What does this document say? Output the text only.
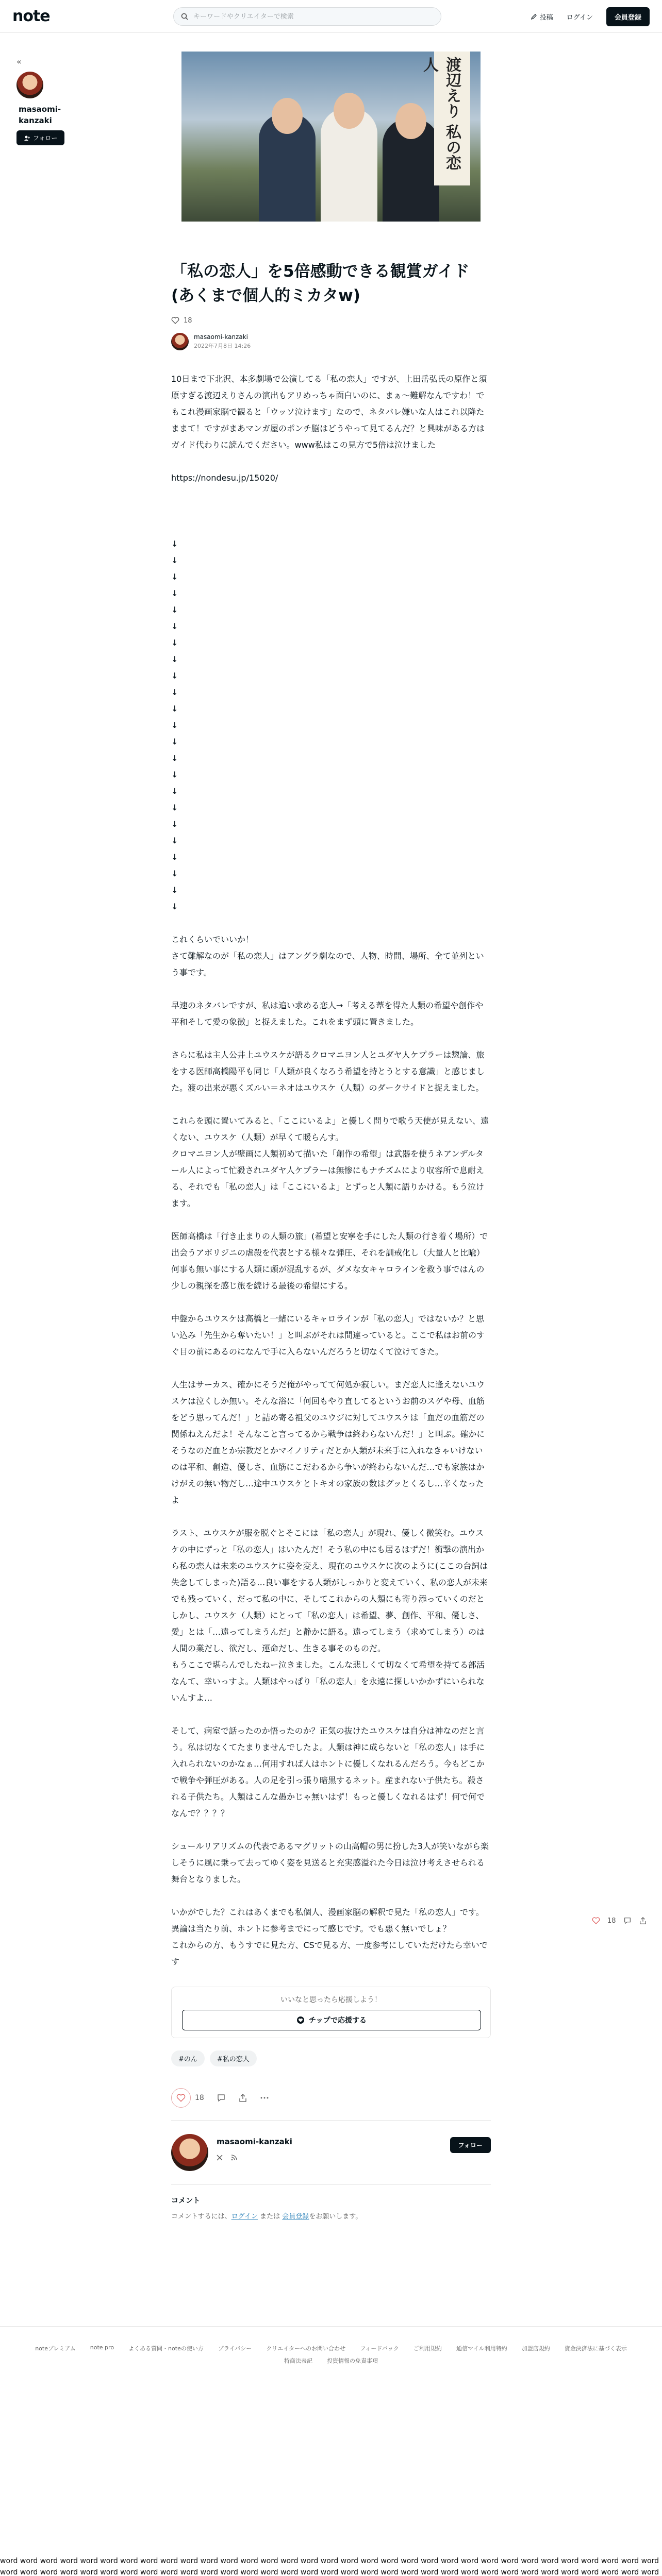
note
キーワードやクリエイターで検索	投稿 ログイン	会員登録
«
masaomi-kanzaki
フォロー	渡辺えり 私の恋人
「私の恋人」を5倍感動できる観賞ガイド(あくまで個人的ミカタw)
18
masaomi-kanzaki
2022年7月8日 14:26

10日まで下北沢、本多劇場で公演してる「私の恋人」ですが、上田岳弘氏の原作と須原すぎる渡辺えりさんの演出もアリめっちゃ面白いのに、まぁ〜難解なんですわ！でもこれ漫画家脳で観ると「ウッソ泣けます」なので、ネタバレ嫌いな人はこれ以降たままて！ですがまあマンガ屋のポンチ脳はどうやって見てるんだ？と興味がある方はガイド代わりに読んでください。www私はこの見方で5倍は泣けました

https://nondesu.jp/15020/

↓

↓

↓

↓

↓

↓

↓

↓

↓

↓

↓

↓

↓

↓

↓

↓

↓

↓

↓

↓

↓

↓

↓

これくらいでいいか！
さて難解なのが「私の恋人」はアングラ劇なので、人物、時間、場所、全て並列という事です。

早速のネタバレですが、私は追い求める恋人→「考える葦を得た人類の希望や創作や平和そして愛の象徴」と捉えました。これをまず頭に置きました。

さらに私は主人公井上ユウスケが語るクロマニヨン人とユダヤ人ケプラーは惣論、旅をする医師高橋陽平も同じ「人類が良くなろう希望を持とうとする意識」と感じました。渡の出来が悪くズルい＝ネオはユウスケ（人類）のダークサイドと捉えました。

これらを頭に置いてみると、「ここにいるよ」と優しく問りで歌う天使が見えない、遠くない、ユウスケ（人類）が早くて暖らんす。
クロマニヨン人が壁画に人類初めて描いた「創作の希望」は武器を使うネアンデルタール人によって忙殺されユダヤ人ケプラーは無惨にもナチズムにより収容所で息耐える、それでも「私の恋人」は「ここにいるよ」とずっと人類に語りかける。もう泣けます。

医師高橋は「行き止まりの人類の旅」(希望と安寧を手にした人類の行き着く場所）で出会うアボリジニの虐殺を代表とする様々な弾圧、それを訓戒化し（大量人と比喩）何事も無い事にする人類に頭が混乱するが、ダメな女キャロラインを救う事ではんの少しの親探を感じ旅を続ける最後の希望にする。

中盤からユウスケは高橋と一緒にいるキャロラインが「私の恋人」ではないか？と思い込み「先生から奪いたい！」と叫ぶがそれは間違っていると。ここで私はお前のすぐ目の前にあるのになんで手に入らないんだろうと切なくて泣けてきた。

人生はサーカス、確かにそうだ俺がやってて何処か寂しい。まだ恋人に逢えないユウスケは泣くしか無い。そんな浴に「何回もやり直してるというお前のスゲや母、血筋をどう思ってんだ！」と詰め寄る祖父のユウジに対してユウスケは「血だの血筋だの関係ねえんだよ！そんなこと言ってるから戦争は終わらないんだ！」と叫ぶ。確かにそうなのだ血とか宗教だとかマイノリティだとか人類が未来手に入れなきゃいけないのは平和、創造、優しさ、血筋にこだわるから争いが終わらないんだ…でも家族はかけがえの無い物だし…途中ユウスケとトキオの家族の数はグッとくるし…辛くなったよ

ラスト、ユウスケが服を脱ぐとそこには「私の恋人」が現れ、優しく微笑む。ユウスケの中にずっと「私の恋人」はいたんだ！そう私の中にも居るはずだ！衝撃の演出から私の恋人は未来のユウスケに姿を変え、現在のユウスケに次のように(ここの台詞は失念してしまった)語る…良い事をする人類がしっかりと変えていく、私の恋人が未来でも残っていく、だって私の中に、そしてこれからの人類にも寄り添っていくのだと
しかし、ユウスケ（人類）にとって「私の恋人」は希望、夢、創作、平和、優しさ、愛」とは「…遠ってしまうんだ」と静かに語る。遠ってしまう（求めてしまう）のは人間の業だし、欲だし、運命だし、生きる事そのものだ。
もうここで堪らんでしたねー泣きました。こんな悲しくて切なくて希望を持てる部活なんて、幸いっすよ。人類はやっぱり「私の恋人」を永遠に探しいかかずにいられないんすよ…

そして、病室で話ったのか悟ったのか？正気の抜けたユウスケは自分は神なのだと言う。私は切なくてたまりませんでしたよ。人類は神に成らないと「私の恋人」は手に入れられないのかなぁ…何用すれば人はホントに優しくなれるんだろう。今もどこかで戦争や弾圧がある。人の足を引っ張り暗黒するネット。産まれない子供たち。殺される子供たち。人類はこんな愚かじゃ無いはず！もっと優しくなれるはず！何で何でなんで？？？？

シュールリアリズムの代表であるマグリットの山高帽の男に扮した3人が笑いながら楽しそうに風に乗って去ってゆく姿を見送ると充実感溢れた今日は泣け考えさせられる舞台となりました。

いかがでした？これはあくまでも私個人、漫画家脳の解釈で見た「私の恋人」です。異論は当たり前、ホントに参考までにって感じです。でも悪く無いでしょ？
これからの方、もうすでに見た方、CSで見る方、一度参考にしていただけたら幸いです

いいなと思ったら応援しよう！
チップで応援する
#のん	#私の恋人
18
masaomi-kanzaki	フォロー
コメント
コメントするには、ログイン または 会員登録をお願いします。
18
noteプレミアム	note pro	よくある質問・noteの使い方	プライバシー	クリエイターへのお問い合わせ	フィードバック	ご利用規約	通信マイル利用特約	加盟店規約	資金決済法に基づく表示
特商法表記	投資情報の免責事項
word word word word word word word word word word word word word word word word word word word word word word word word word word word word word word word word word word word word word word word word word word word word word word word word word word word word word word word word word word word word word word word word word word
